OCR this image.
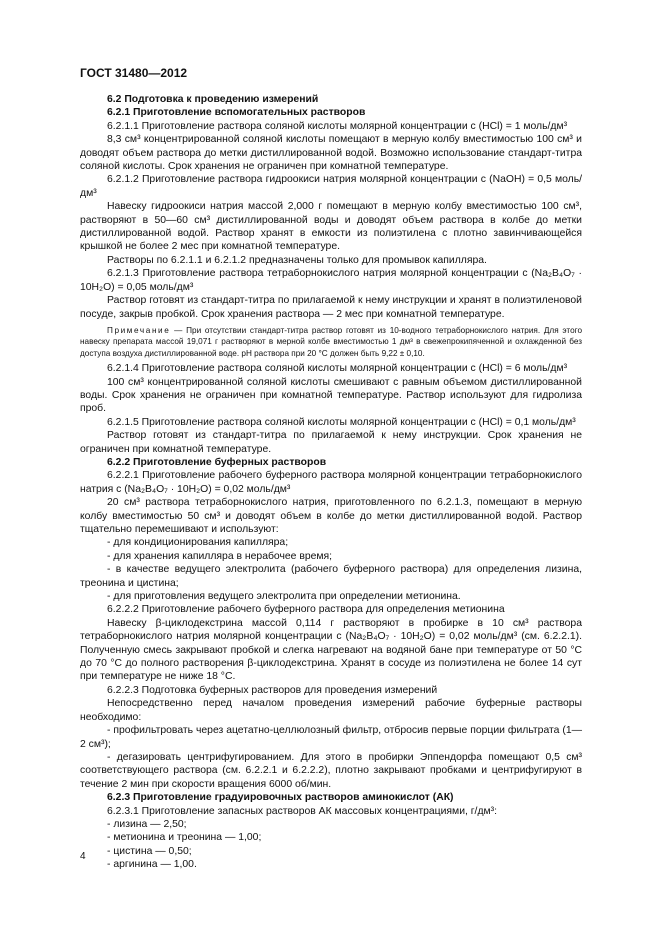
ГОСТ 31480—2012

6.2 Подготовка к проведению измерений

6.2.1 Приготовление вспомогательных растворов

6.2.1.1 Приготовление раствора соляной кислоты молярной концентрации c (HCl) = 1 моль/дм³

8,3 см³ концентрированной соляной кислоты помещают в мерную колбу вместимостью 100 см³ и доводят объем раствора до метки дистиллированной водой. Возможно использование стандарт-титра соляной кислоты. Срок хранения не ограничен при комнатной температуре.

6.2.1.2 Приготовление раствора гидроокиси натрия молярной концентрации c (NaOH) = 0,5 моль/дм³

Навеску гидроокиси натрия массой 2,000 г помещают в мерную колбу вместимостью 100 см³, растворяют в 50—60 см³ дистиллированной воды и доводят объем раствора в колбе до метки дистиллированной водой. Раствор хранят в емкости из полиэтилена с плотно завинчивающейся крышкой не более 2 мес при комнатной температуре.

Растворы по 6.2.1.1 и 6.2.1.2 предназначены только для промывок капилляра.

6.2.1.3 Приготовление раствора тетраборнокислого натрия молярной концентрации c (Na₂B₄O₇ · 10H₂O) = 0,05 моль/дм³

Раствор готовят из стандарт-титра по прилагаемой к нему инструкции и хранят в полиэтиленовой посуде, закрыв пробкой. Срок хранения раствора — 2 мес при комнатной температуре.

Примечание — При отсутствии стандарт-титра раствор готовят из 10-водного тетраборнокислого натрия. Для этого навеску препарата массой 19,071 г растворяют в мерной колбе вместимостью 1 дм³ в свежепрокипяченной и охлажденной без доступа воздуха дистиллированной воде. pH раствора при 20 °C должен быть 9,22 ± 0,10.

6.2.1.4 Приготовление раствора соляной кислоты молярной концентрации c (HCl) = 6 моль/дм³

100 см³ концентрированной соляной кислоты смешивают с равным объемом дистиллированной воды. Срок хранения не ограничен при комнатной температуре. Раствор используют для гидролиза проб.

6.2.1.5 Приготовление раствора соляной кислоты молярной концентрации c (HCl) = 0,1 моль/дм³

Раствор готовят из стандарт-титра по прилагаемой к нему инструкции. Срок хранения не ограничен при комнатной температуре.

6.2.2 Приготовление буферных растворов

6.2.2.1 Приготовление рабочего буферного раствора молярной концентрации тетраборнокислого натрия c (Na₂B₄O₇ · 10H₂O) = 0,02 моль/дм³

20 см³ раствора тетраборнокислого натрия, приготовленного по 6.2.1.3, помещают в мерную колбу вместимостью 50 см³ и доводят объем в колбе до метки дистиллированной водой. Раствор тщательно перемешивают и используют:

- для кондиционирования капилляра;

- для хранения капилляра в нерабочее время;

- в качестве ведущего электролита (рабочего буферного раствора) для определения лизина, треонина и цистина;

- для приготовления ведущего электролита при определении метионина.

6.2.2.2 Приготовление рабочего буферного раствора для определения метионина

Навеску β-циклодекстрина массой 0,114 г растворяют в пробирке в 10 см³ раствора тетраборнокислого натрия молярной концентрации c (Na₂B₄O₇ · 10H₂O) = 0,02 моль/дм³ (см. 6.2.2.1). Полученную смесь закрывают пробкой и слегка нагревают на водяной бане при температуре от 50 °C до 70 °C до полного растворения β-циклодекстрина. Хранят в сосуде из полиэтилена не более 14 сут при температуре не ниже 18 °C.

6.2.2.3 Подготовка буферных растворов для проведения измерений

Непосредственно перед началом проведения измерений рабочие буферные растворы необходимо:

- профильтровать через ацетатно-целлюлозный фильтр, отбросив первые порции фильтрата (1—2 см³);

- дегазировать центрифугированием. Для этого в пробирки Эппендорфа помещают 0,5 см³ соответствующего раствора (см. 6.2.2.1 и 6.2.2.2), плотно закрывают пробками и центрифугируют в течение 2 мин при скорости вращения 6000 об/мин.

6.2.3 Приготовление градуировочных растворов аминокислот (АК)

6.2.3.1 Приготовление запасных растворов АК массовых концентрациями, г/дм³:

- лизина — 2,50;

- метионина и треонина — 1,00;

- цистина — 0,50;

- аргинина — 1,00.

4
